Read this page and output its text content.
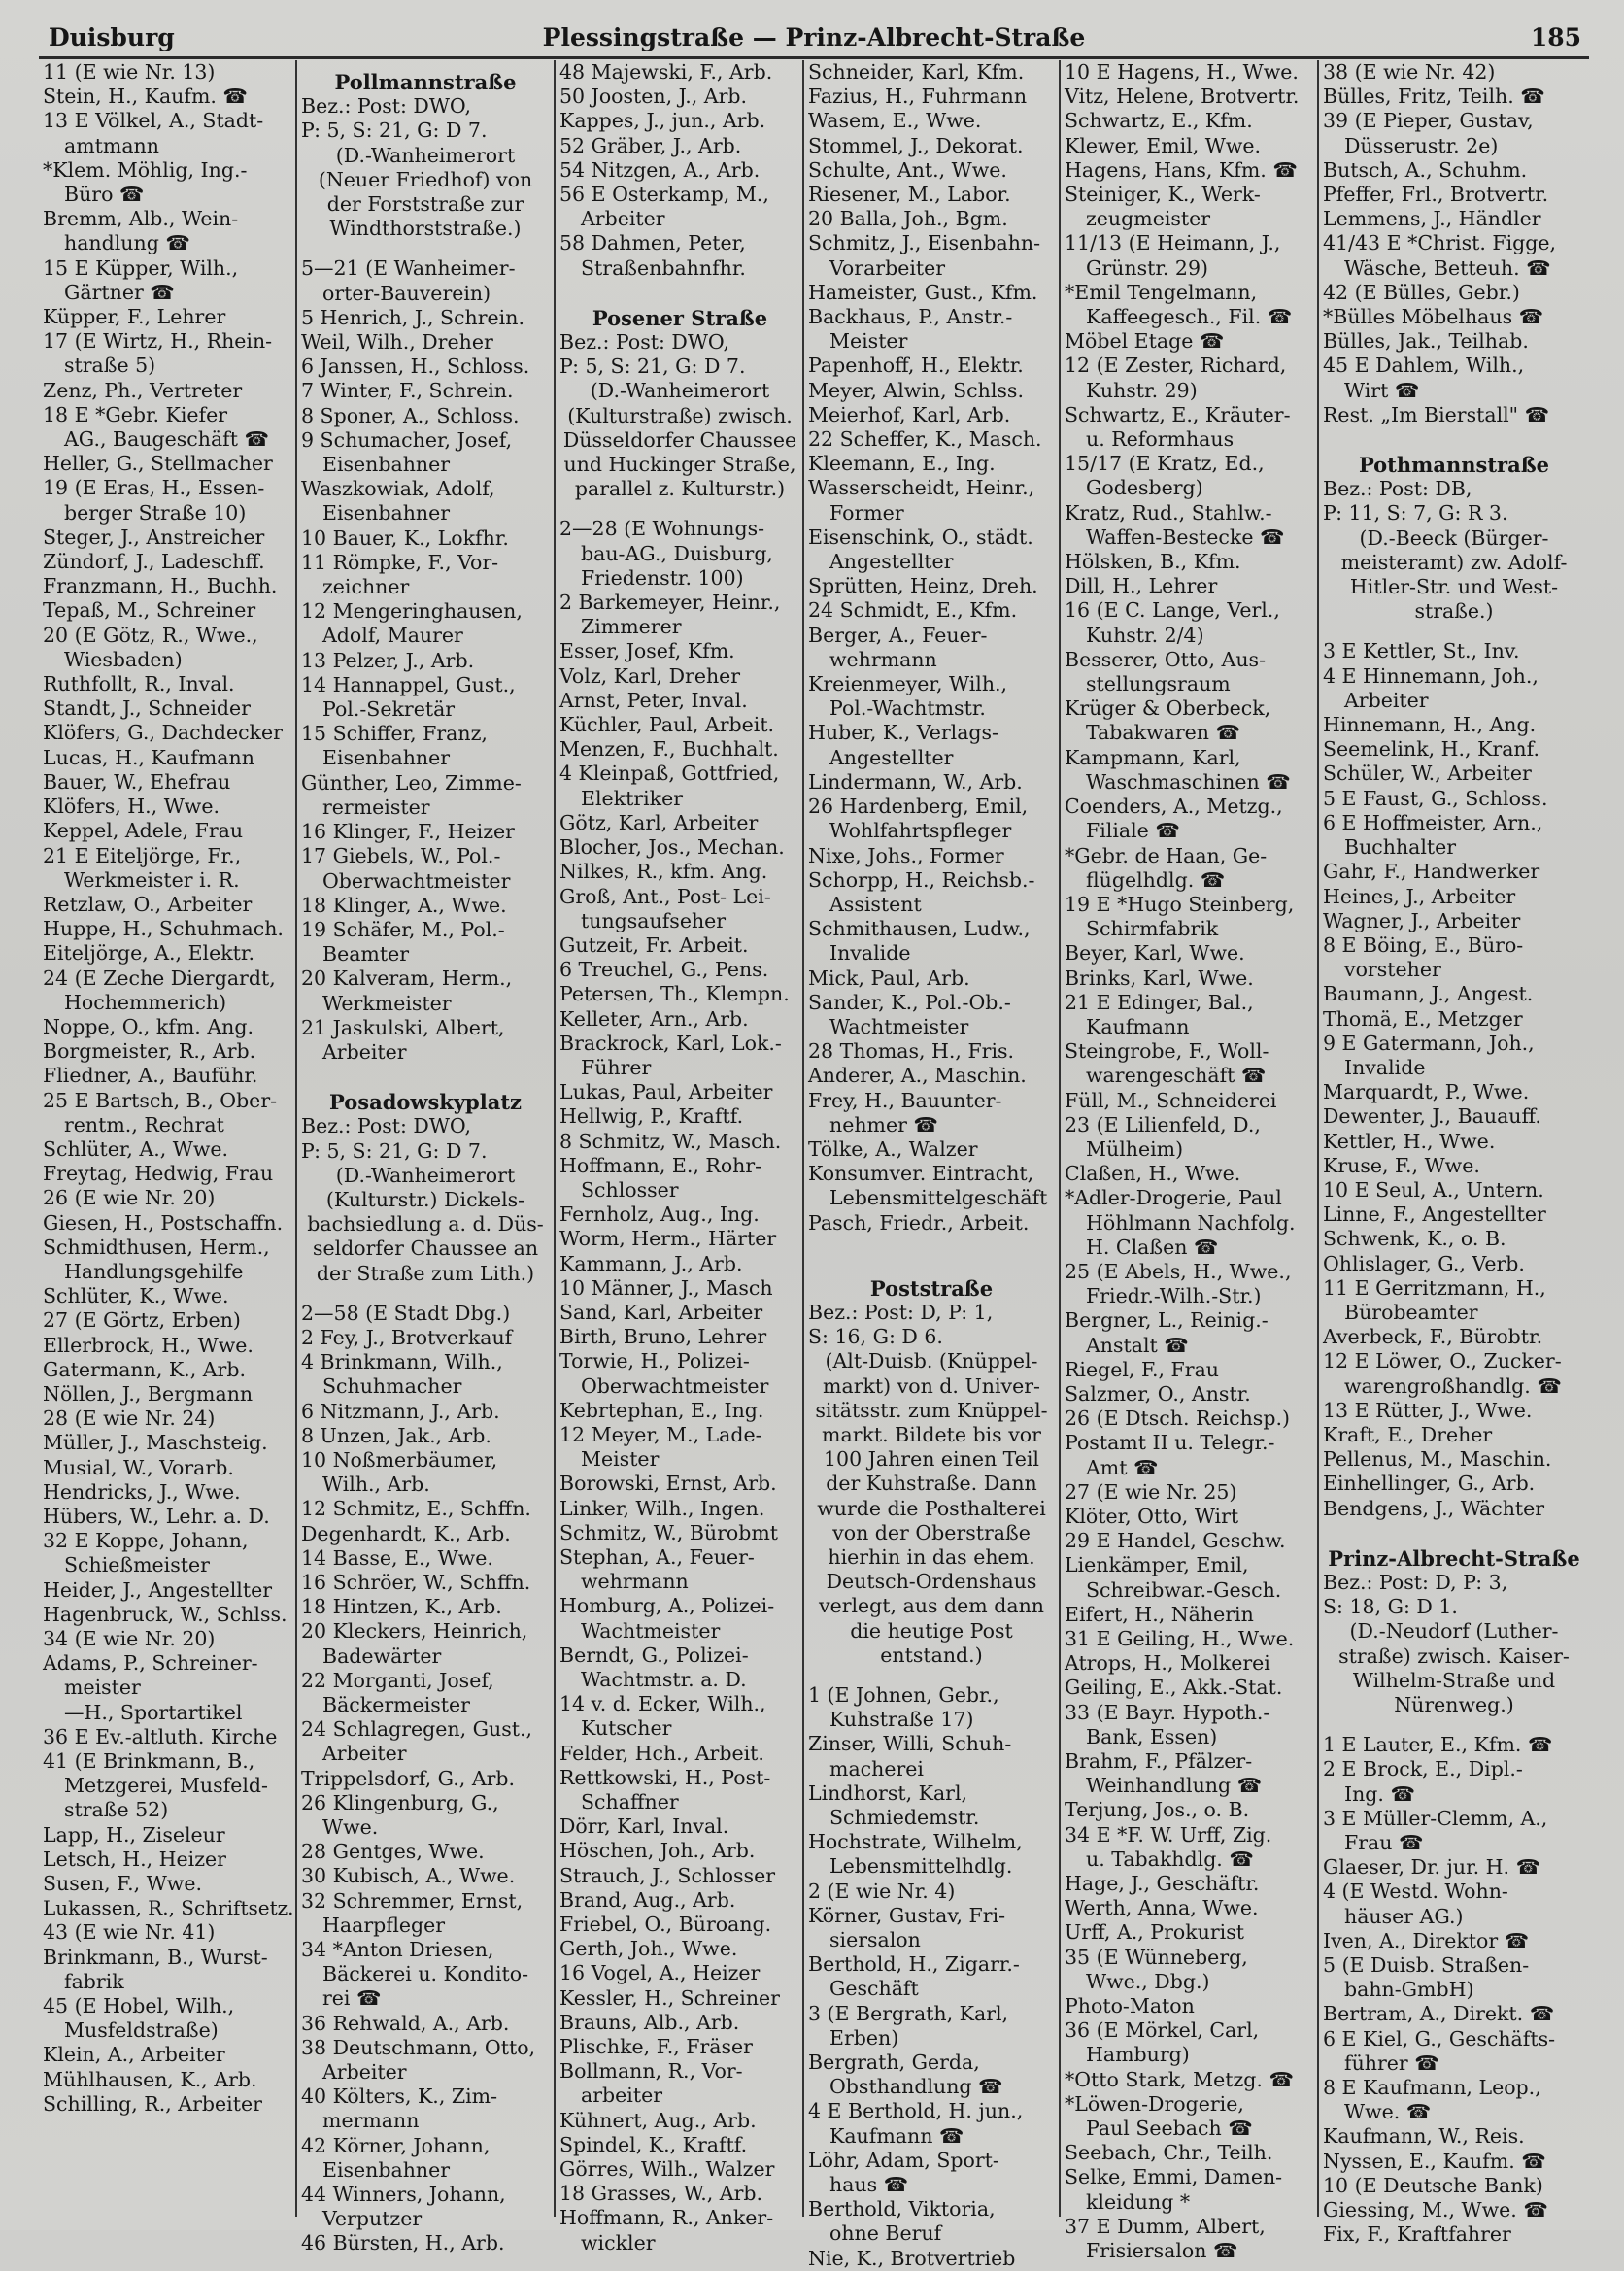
Duisburg	Plessingstraße — Prinz-Albrecht-Straße	185
11 (E wie Nr. 13)
Stein, H., Kaufm. ☎
13 E Völkel, A., Stadt-
amtmann
*Klem. Möhlig, Ing.-
Büro ☎
Bremm, Alb., Wein-
handlung ☎
15 E Küpper, Wilh.,
Gärtner ☎
Küpper, F., Lehrer
17 (E Wirtz, H., Rhein-
straße 5)
Zenz, Ph., Vertreter
18 E *Gebr. Kiefer
AG., Baugeschäft ☎
Heller, G., Stellmacher
19 (E Eras, H., Essen-
berger Straße 10)
Steger, J., Anstreicher
Zündorf, J., Ladeschff.
Franzmann, H., Buchh.
Tepaß, M., Schreiner
20 (E Götz, R., Wwe.,
Wiesbaden)
Ruthfollt, R., Inval.
Standt, J., Schneider
Klöfers, G., Dachdecker
Lucas, H., Kaufmann
Bauer, W., Ehefrau
Klöfers, H., Wwe.
Keppel, Adele, Frau
21 E Eiteljörge, Fr.,
Werkmeister i. R.
Retzlaw, O., Arbeiter
Huppe, H., Schuhmach.
Eiteljörge, A., Elektr.
24 (E Zeche Diergardt,
Hochemmerich)
Noppe, O., kfm. Ang.
Borgmeister, R., Arb.
Fliedner, A., Bauführ.
25 E Bartsch, B., Ober-
rentm., Rechrat
Schlüter, A., Wwe.
Freytag, Hedwig, Frau
26 (E wie Nr. 20)
Giesen, H., Postschaffn.
Schmidthusen, Herm.,
Handlungsgehilfe
Schlüter, K., Wwe.
27 (E Görtz, Erben)
Ellerbrock, H., Wwe.
Gatermann, K., Arb.
Nöllen, J., Bergmann
28 (E wie Nr. 24)
Müller, J., Maschsteig.
Musial, W., Vorarb.
Hendricks, J., Wwe.
Hübers, W., Lehr. a. D.
32 E Koppe, Johann,
Schießmeister
Heider, J., Angestellter
Hagenbruck, W., Schlss.
34 (E wie Nr. 20)
Adams, P., Schreiner-
meister
—H., Sportartikel
36 E Ev.-altluth. Kirche
41 (E Brinkmann, B.,
Metzgerei, Musfeld-
straße 52)
Lapp, H., Ziseleur
Letsch, H., Heizer
Susen, F., Wwe.
Lukassen, R., Schriftsetz.
43 (E wie Nr. 41)
Brinkmann, B., Wurst-
fabrik
45 (E Hobel, Wilh.,
Musfeldstraße)
Klein, A., Arbeiter
Mühlhausen, K., Arb.
Schilling, R., Arbeiter
Pollmannstraße
Bez.: Post: DWO,
P: 5, S: 21, G: D 7.
(D.-Wanheimerort
(Neuer Friedhof) von
der Forststraße zur
Windthorststraße.)
5—21 (E Wanheimer-
orter-Bauverein)
5 Henrich, J., Schrein.
Weil, Wilh., Dreher
6 Janssen, H., Schloss.
7 Winter, F., Schrein.
8 Sponer, A., Schloss.
9 Schumacher, Josef,
Eisenbahner
Waszkowiak, Adolf,
Eisenbahner
10 Bauer, K., Lokfhr.
11 Römpke, F., Vor-
zeichner
12 Mengeringhausen,
Adolf, Maurer
13 Pelzer, J., Arb.
14 Hannappel, Gust.,
Pol.-Sekretär
15 Schiffer, Franz,
Eisenbahner
Günther, Leo, Zimme-
rermeister
16 Klinger, F., Heizer
17 Giebels, W., Pol.-
Oberwachtmeister
18 Klinger, A., Wwe.
19 Schäfer, M., Pol.-
Beamter
20 Kalveram, Herm.,
Werkmeister
21 Jaskulski, Albert,
Arbeiter
Posadowskyplatz
Bez.: Post: DWO,
P: 5, S: 21, G: D 7.
(D.-Wanheimerort
(Kulturstr.) Dickels-
bachsiedlung a. d. Düs-
seldorfer Chaussee an
der Straße zum Lith.)
2—58 (E Stadt Dbg.)
2 Fey, J., Brotverkauf
4 Brinkmann, Wilh.,
Schuhmacher
6 Nitzmann, J., Arb.
8 Unzen, Jak., Arb.
10 Noßmerbäumer,
Wilh., Arb.
12 Schmitz, E., Schffn.
Degenhardt, K., Arb.
14 Basse, E., Wwe.
16 Schröer, W., Schffn.
18 Hintzen, K., Arb.
20 Kleckers, Heinrich,
Badewärter
22 Morganti, Josef,
Bäckermeister
24 Schlagregen, Gust.,
Arbeiter
Trippelsdorf, G., Arb.
26 Klingenburg, G.,
Wwe.
28 Gentges, Wwe.
30 Kubisch, A., Wwe.
32 Schremmer, Ernst,
Haarpfleger
34 *Anton Driesen,
Bäckerei u. Kondito-
rei ☎
36 Rehwald, A., Arb.
38 Deutschmann, Otto,
Arbeiter
40 Költers, K., Zim-
mermann
42 Körner, Johann,
Eisenbahner
44 Winners, Johann,
Verputzer
46 Bürsten, H., Arb.
48 Majewski, F., Arb.
50 Joosten, J., Arb.
Kappes, J., jun., Arb.
52 Gräber, J., Arb.
54 Nitzgen, A., Arb.
56 E Osterkamp, M.,
Arbeiter
58 Dahmen, Peter,
Straßenbahnfhr.
Posener Straße
Bez.: Post: DWO,
P: 5, S: 21, G: D 7.
(D.-Wanheimerort
(Kulturstraße) zwisch.
Düsseldorfer Chaussee
und Huckinger Straße,
parallel z. Kulturstr.)
2—28 (E Wohnungs-
bau-AG., Duisburg,
Friedenstr. 100)
2 Barkemeyer, Heinr.,
Zimmerer
Esser, Josef, Kfm.
Volz, Karl, Dreher
Arnst, Peter, Inval.
Küchler, Paul, Arbeit.
Menzen, F., Buchhalt.
4 Kleinpaß, Gottfried,
Elektriker
Götz, Karl, Arbeiter
Blocher, Jos., Mechan.
Nilkes, R., kfm. Ang.
Groß, Ant., Post- Lei-
tungsaufseher
Gutzeit, Fr. Arbeit.
6 Treuchel, G., Pens.
Petersen, Th., Klempn.
Kelleter, Arn., Arb.
Brackrock, Karl, Lok.-
Führer
Lukas, Paul, Arbeiter
Hellwig, P., Kraftf.
8 Schmitz, W., Masch.
Hoffmann, E., Rohr-
Schlosser
Fernholz, Aug., Ing.
Worm, Herm., Härter
Kammann, J., Arb.
10 Männer, J., Masch
Sand, Karl, Arbeiter
Birth, Bruno, Lehrer
Torwie, H., Polizei-
Oberwachtmeister
Kebrtephan, E., Ing.
12 Meyer, M., Lade-
Meister
Borowski, Ernst, Arb.
Linker, Wilh., Ingen.
Schmitz, W., Bürobmt
Stephan, A., Feuer-
wehrmann
Homburg, A., Polizei-
Wachtmeister
Berndt, G., Polizei-
Wachtmstr. a. D.
14 v. d. Ecker, Wilh.,
Kutscher
Felder, Hch., Arbeit.
Rettkowski, H., Post-
Schaffner
Dörr, Karl, Inval.
Höschen, Joh., Arb.
Strauch, J., Schlosser
Brand, Aug., Arb.
Friebel, O., Büroang.
Gerth, Joh., Wwe.
16 Vogel, A., Heizer
Kessler, H., Schreiner
Brauns, Alb., Arb.
Plischke, F., Fräser
Bollmann, R., Vor-
arbeiter
Kühnert, Aug., Arb.
Spindel, K., Kraftf.
Görres, Wilh., Walzer
18 Grasses, W., Arb.
Hoffmann, R., Anker-
wickler
Schneider, Karl, Kfm.
Fazius, H., Fuhrmann
Wasem, E., Wwe.
Stommel, J., Dekorat.
Schulte, Ant., Wwe.
Riesener, M., Labor.
20 Balla, Joh., Bgm.
Schmitz, J., Eisenbahn-
Vorarbeiter
Hameister, Gust., Kfm.
Backhaus, P., Anstr.-
Meister
Papenhoff, H., Elektr.
Meyer, Alwin, Schlss.
Meierhof, Karl, Arb.
22 Scheffer, K., Masch.
Kleemann, E., Ing.
Wasserscheidt, Heinr.,
Former
Eisenschink, O., städt.
Angestellter
Sprütten, Heinz, Dreh.
24 Schmidt, E., Kfm.
Berger, A., Feuer-
wehrmann
Kreienmeyer, Wilh.,
Pol.-Wachtmstr.
Huber, K., Verlags-
Angestellter
Lindermann, W., Arb.
26 Hardenberg, Emil,
Wohlfahrtspfleger
Nixe, Johs., Former
Schorpp, H., Reichsb.-
Assistent
Schmithausen, Ludw.,
Invalide
Mick, Paul, Arb.
Sander, K., Pol.-Ob.-
Wachtmeister
28 Thomas, H., Fris.
Anderer, A., Maschin.
Frey, H., Bauunter-
nehmer ☎
Tölke, A., Walzer
Konsumver. Eintracht,
Lebensmittelgeschäft
Pasch, Friedr., Arbeit.
Poststraße
Bez.: Post: D, P: 1,
S: 16, G: D 6.
(Alt-Duisb. (Knüppel-
markt) von d. Univer-
sitätsstr. zum Knüppel-
markt. Bildete bis vor
100 Jahren einen Teil
der Kuhstraße. Dann
wurde die Posthalterei
von der Oberstraße
hierhin in das ehem.
Deutsch-Ordenshaus
verlegt, aus dem dann
die heutige Post
entstand.)
1 (E Johnen, Gebr.,
Kuhstraße 17)
Zinser, Willi, Schuh-
macherei
Lindhorst, Karl,
Schmiedemstr.
Hochstrate, Wilhelm,
Lebensmittelhdlg.
2 (E wie Nr. 4)
Körner, Gustav, Fri-
siersalon
Berthold, H., Zigarr.-
Geschäft
3 (E Bergrath, Karl,
Erben)
Bergrath, Gerda,
Obsthandlung ☎
4 E Berthold, H. jun.,
Kaufmann ☎
Löhr, Adam, Sport-
haus ☎
Berthold, Viktoria,
ohne Beruf
Nie, K., Brotvertrieb
10 E Hagens, H., Wwe.
Vitz, Helene, Brotvertr.
Schwartz, E., Kfm.
Klewer, Emil, Wwe.
Hagens, Hans, Kfm. ☎
Steiniger, K., Werk-
zeugmeister
11/13 (E Heimann, J.,
Grünstr. 29)
*Emil Tengelmann,
Kaffeegesch., Fil. ☎
Möbel Etage ☎
12 (E Zester, Richard,
Kuhstr. 29)
Schwartz, E., Kräuter-
u. Reformhaus
15/17 (E Kratz, Ed.,
Godesberg)
Kratz, Rud., Stahlw.-
Waffen-Bestecke ☎
Hölsken, B., Kfm.
Dill, H., Lehrer
16 (E C. Lange, Verl.,
Kuhstr. 2/4)
Besserer, Otto, Aus-
stellungsraum
Krüger & Oberbeck,
Tabakwaren ☎
Kampmann, Karl,
Waschmaschinen ☎
Coenders, A., Metzg.,
Filiale ☎
*Gebr. de Haan, Ge-
flügelhdlg. ☎
19 E *Hugo Steinberg,
Schirmfabrik
Beyer, Karl, Wwe.
Brinks, Karl, Wwe.
21 E Edinger, Bal.,
Kaufmann
Steingrobe, F., Woll-
warengeschäft ☎
Füll, M., Schneiderei
23 (E Lilienfeld, D.,
Mülheim)
Claßen, H., Wwe.
*Adler-Drogerie, Paul
Höhlmann Nachfolg.
H. Claßen ☎
25 (E Abels, H., Wwe.,
Friedr.-Wilh.-Str.)
Bergner, L., Reinig.-
Anstalt ☎
Riegel, F., Frau
Salzmer, O., Anstr.
26 (E Dtsch. Reichsp.)
Postamt II u. Telegr.-
Amt ☎
27 (E wie Nr. 25)
Klöter, Otto, Wirt
29 E Handel, Geschw.
Lienkämper, Emil,
Schreibwar.-Gesch.
Eifert, H., Näherin
31 E Geiling, H., Wwe.
Atrops, H., Molkerei
Geiling, E., Akk.-Stat.
33 (E Bayr. Hypoth.-
Bank, Essen)
Brahm, F., Pfälzer-
Weinhandlung ☎
Terjung, Jos., o. B.
34 E *F. W. Urff, Zig.
u. Tabakhdlg. ☎
Hage, J., Geschäftr.
Werth, Anna, Wwe.
Urff, A., Prokurist
35 (E Wünneberg,
Wwe., Dbg.)
Photo-Maton
36 (E Mörkel, Carl,
Hamburg)
*Otto Stark, Metzg. ☎
*Löwen-Drogerie,
Paul Seebach ☎
Seebach, Chr., Teilh.
Selke, Emmi, Damen-
kleidung *
37 E Dumm, Albert,
Frisiersalon ☎
38 (E wie Nr. 42)
Bülles, Fritz, Teilh. ☎
39 (E Pieper, Gustav,
Düsserustr. 2e)
Butsch, A., Schuhm.
Pfeffer, Frl., Brotvertr.
Lemmens, J., Händler
41/43 E *Christ. Figge,
Wäsche, Betteuh. ☎
42 (E Bülles, Gebr.)
*Bülles Möbelhaus ☎
Bülles, Jak., Teilhab.
45 E Dahlem, Wilh.,
Wirt ☎
Rest. „Im Bierstall" ☎
Pothmannstraße
Bez.: Post: DB,
P: 11, S: 7, G: R 3.
(D.-Beeck (Bürger-
meisteramt) zw. Adolf-
Hitler-Str. und West-
straße.)
3 E Kettler, St., Inv.
4 E Hinnemann, Joh.,
Arbeiter
Hinnemann, H., Ang.
Seemelink, H., Kranf.
Schüler, W., Arbeiter
5 E Faust, G., Schloss.
6 E Hoffmeister, Arn.,
Buchhalter
Gahr, F., Handwerker
Heines, J., Arbeiter
Wagner, J., Arbeiter
8 E Böing, E., Büro-
vorsteher
Baumann, J., Angest.
Thomä, E., Metzger
9 E Gatermann, Joh.,
Invalide
Marquardt, P., Wwe.
Dewenter, J., Bauauff.
Kettler, H., Wwe.
Kruse, F., Wwe.
10 E Seul, A., Untern.
Linne, F., Angestellter
Schwenk, K., o. B.
Ohlislager, G., Verb.
11 E Gerritzmann, H.,
Bürobeamter
Averbeck, F., Bürobtr.
12 E Löwer, O., Zucker-
warengroßhandlg. ☎
13 E Rütter, J., Wwe.
Kraft, E., Dreher
Pellenus, M., Maschin.
Einhellinger, G., Arb.
Bendgens, J., Wächter
Prinz-Albrecht-Straße
Bez.: Post: D, P: 3,
S: 18, G: D 1.
(D.-Neudorf (Luther-
straße) zwisch. Kaiser-
Wilhelm-Straße und
Nürenweg.)
1 E Lauter, E., Kfm. ☎
2 E Brock, E., Dipl.-
Ing. ☎
3 E Müller-Clemm, A.,
Frau ☎
Glaeser, Dr. jur. H. ☎
4 (E Westd. Wohn-
häuser AG.)
Iven, A., Direktor ☎
5 (E Duisb. Straßen-
bahn-GmbH)
Bertram, A., Direkt. ☎
6 E Kiel, G., Geschäfts-
führer ☎
8 E Kaufmann, Leop.,
Wwe. ☎
Kaufmann, W., Reis.
Nyssen, E., Kaufm. ☎
10 (E Deutsche Bank)
Giessing, M., Wwe. ☎
Fix, F., Kraftfahrer
